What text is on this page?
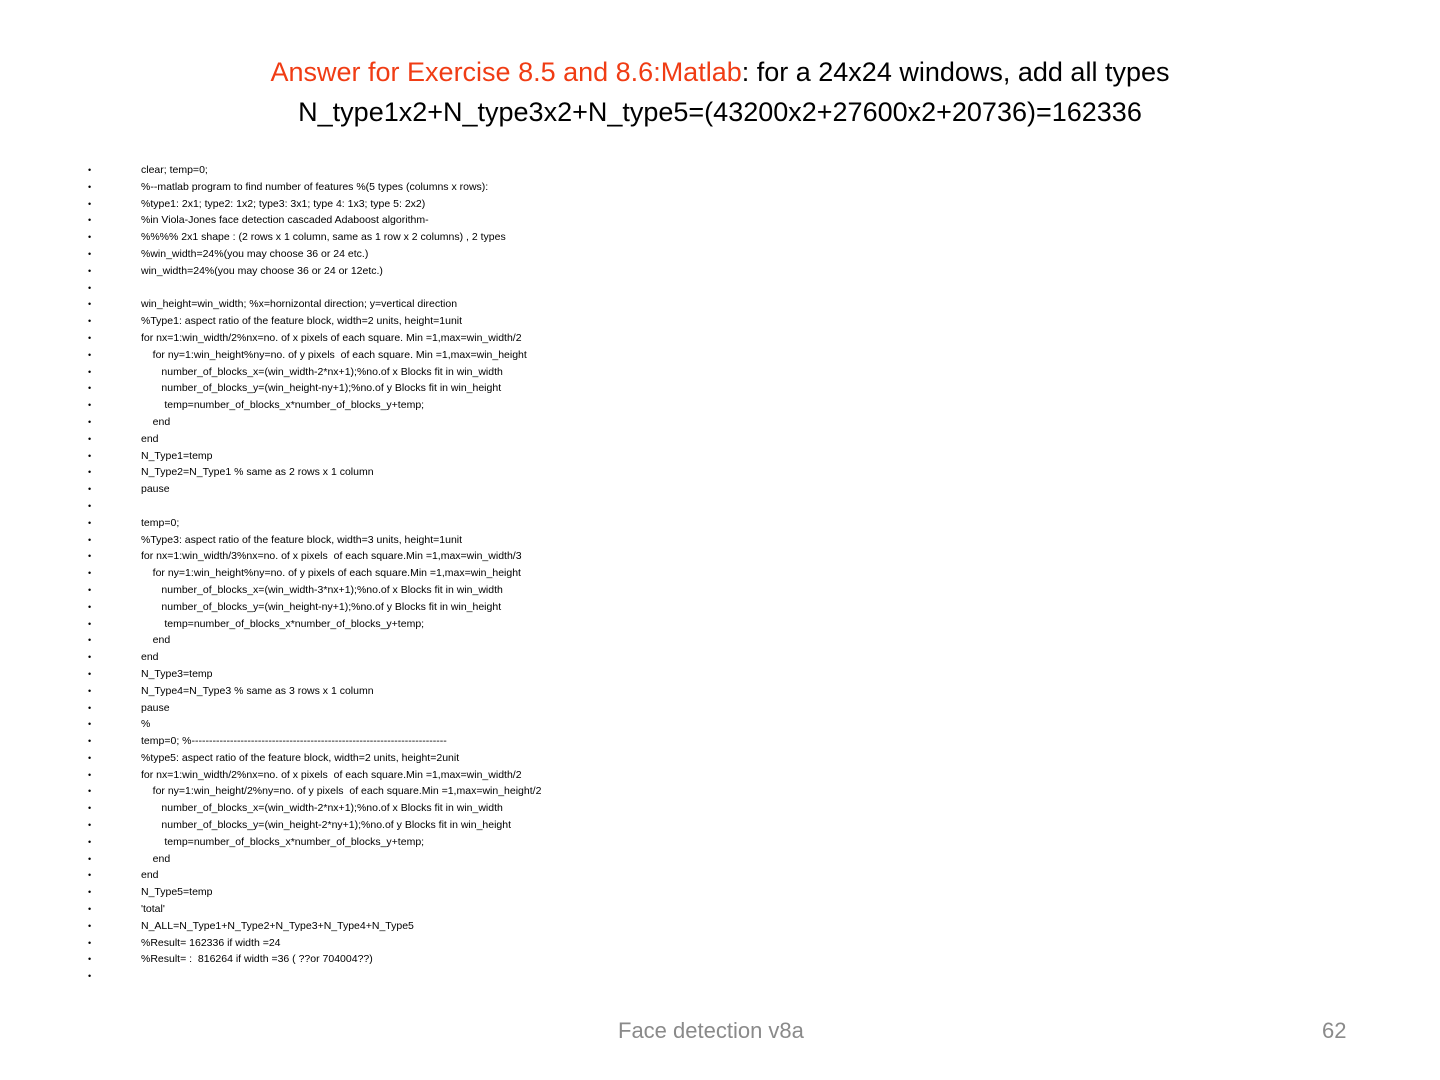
Answer for Exercise 8.5 and 8.6:Matlab: for a 24x24 windows, add all types
N_type1x2+N_type3x2+N_type5=(43200x2+27600x2+20736)=162336
•	clear; temp=0;
•	%--matlab program to find number of features %(5 types (columns x rows):
•	%type1: 2x1; type2: 1x2; type3: 3x1; type 4: 1x3; type 5: 2x2)
•	%in Viola-Jones face detection cascaded Adaboost algorithm-
•	%%%% 2x1 shape : (2 rows x 1 column, same as 1 row x 2 columns) , 2 types
•	%win_width=24%(you may choose 36 or 24 etc.)
•	win_width=24%(you may choose 36 or 24 or 12etc.)
•
•	win_height=win_width; %x=hornizontal direction; y=vertical direction
•	%Type1: aspect ratio of the feature block, width=2 units, height=1unit
•	for nx=1:win_width/2%nx=no. of x pixels of each square. Min =1,max=win_width/2
•	for ny=1:win_height%ny=no. of y pixels  of each square. Min =1,max=win_height
•	number_of_blocks_x=(win_width-2*nx+1);%no.of x Blocks fit in win_width
•	number_of_blocks_y=(win_height-ny+1);%no.of y Blocks fit in win_height
•	temp=number_of_blocks_x*number_of_blocks_y+temp;
•	end
•	end
•	N_Type1=temp
•	N_Type2=N_Type1 % same as 2 rows x 1 column
•	pause
•
•	temp=0;
•	%Type3: aspect ratio of the feature block, width=3 units, height=1unit
•	for nx=1:win_width/3%nx=no. of x pixels  of each square.Min =1,max=win_width/3
•	for ny=1:win_height%ny=no. of y pixels of each square.Min =1,max=win_height
•	number_of_blocks_x=(win_width-3*nx+1);%no.of x Blocks fit in win_width
•	number_of_blocks_y=(win_height-ny+1);%no.of y Blocks fit in win_height
•	temp=number_of_blocks_x*number_of_blocks_y+temp;
•	end
•	end
•	N_Type3=temp
•	N_Type4=N_Type3 % same as 3 rows x 1 column
•	pause
•	%
•	temp=0; %-------------------------------------------------------------------------
•	%type5: aspect ratio of the feature block, width=2 units, height=2unit
•	for nx=1:win_width/2%nx=no. of x pixels  of each square.Min =1,max=win_width/2
•	for ny=1:win_height/2%ny=no. of y pixels  of each square.Min =1,max=win_height/2
•	number_of_blocks_x=(win_width-2*nx+1);%no.of x Blocks fit in win_width
•	number_of_blocks_y=(win_height-2*ny+1);%no.of y Blocks fit in win_height
•	temp=number_of_blocks_x*number_of_blocks_y+temp;
•	end
•	end
•	N_Type5=temp
•	'total'
•	N_ALL=N_Type1+N_Type2+N_Type3+N_Type4+N_Type5
•	%Result= 162336 if width =24
•	%Result= :  816264 if width =36 ( ??or 704004??)
•
Face detection v8a	62
